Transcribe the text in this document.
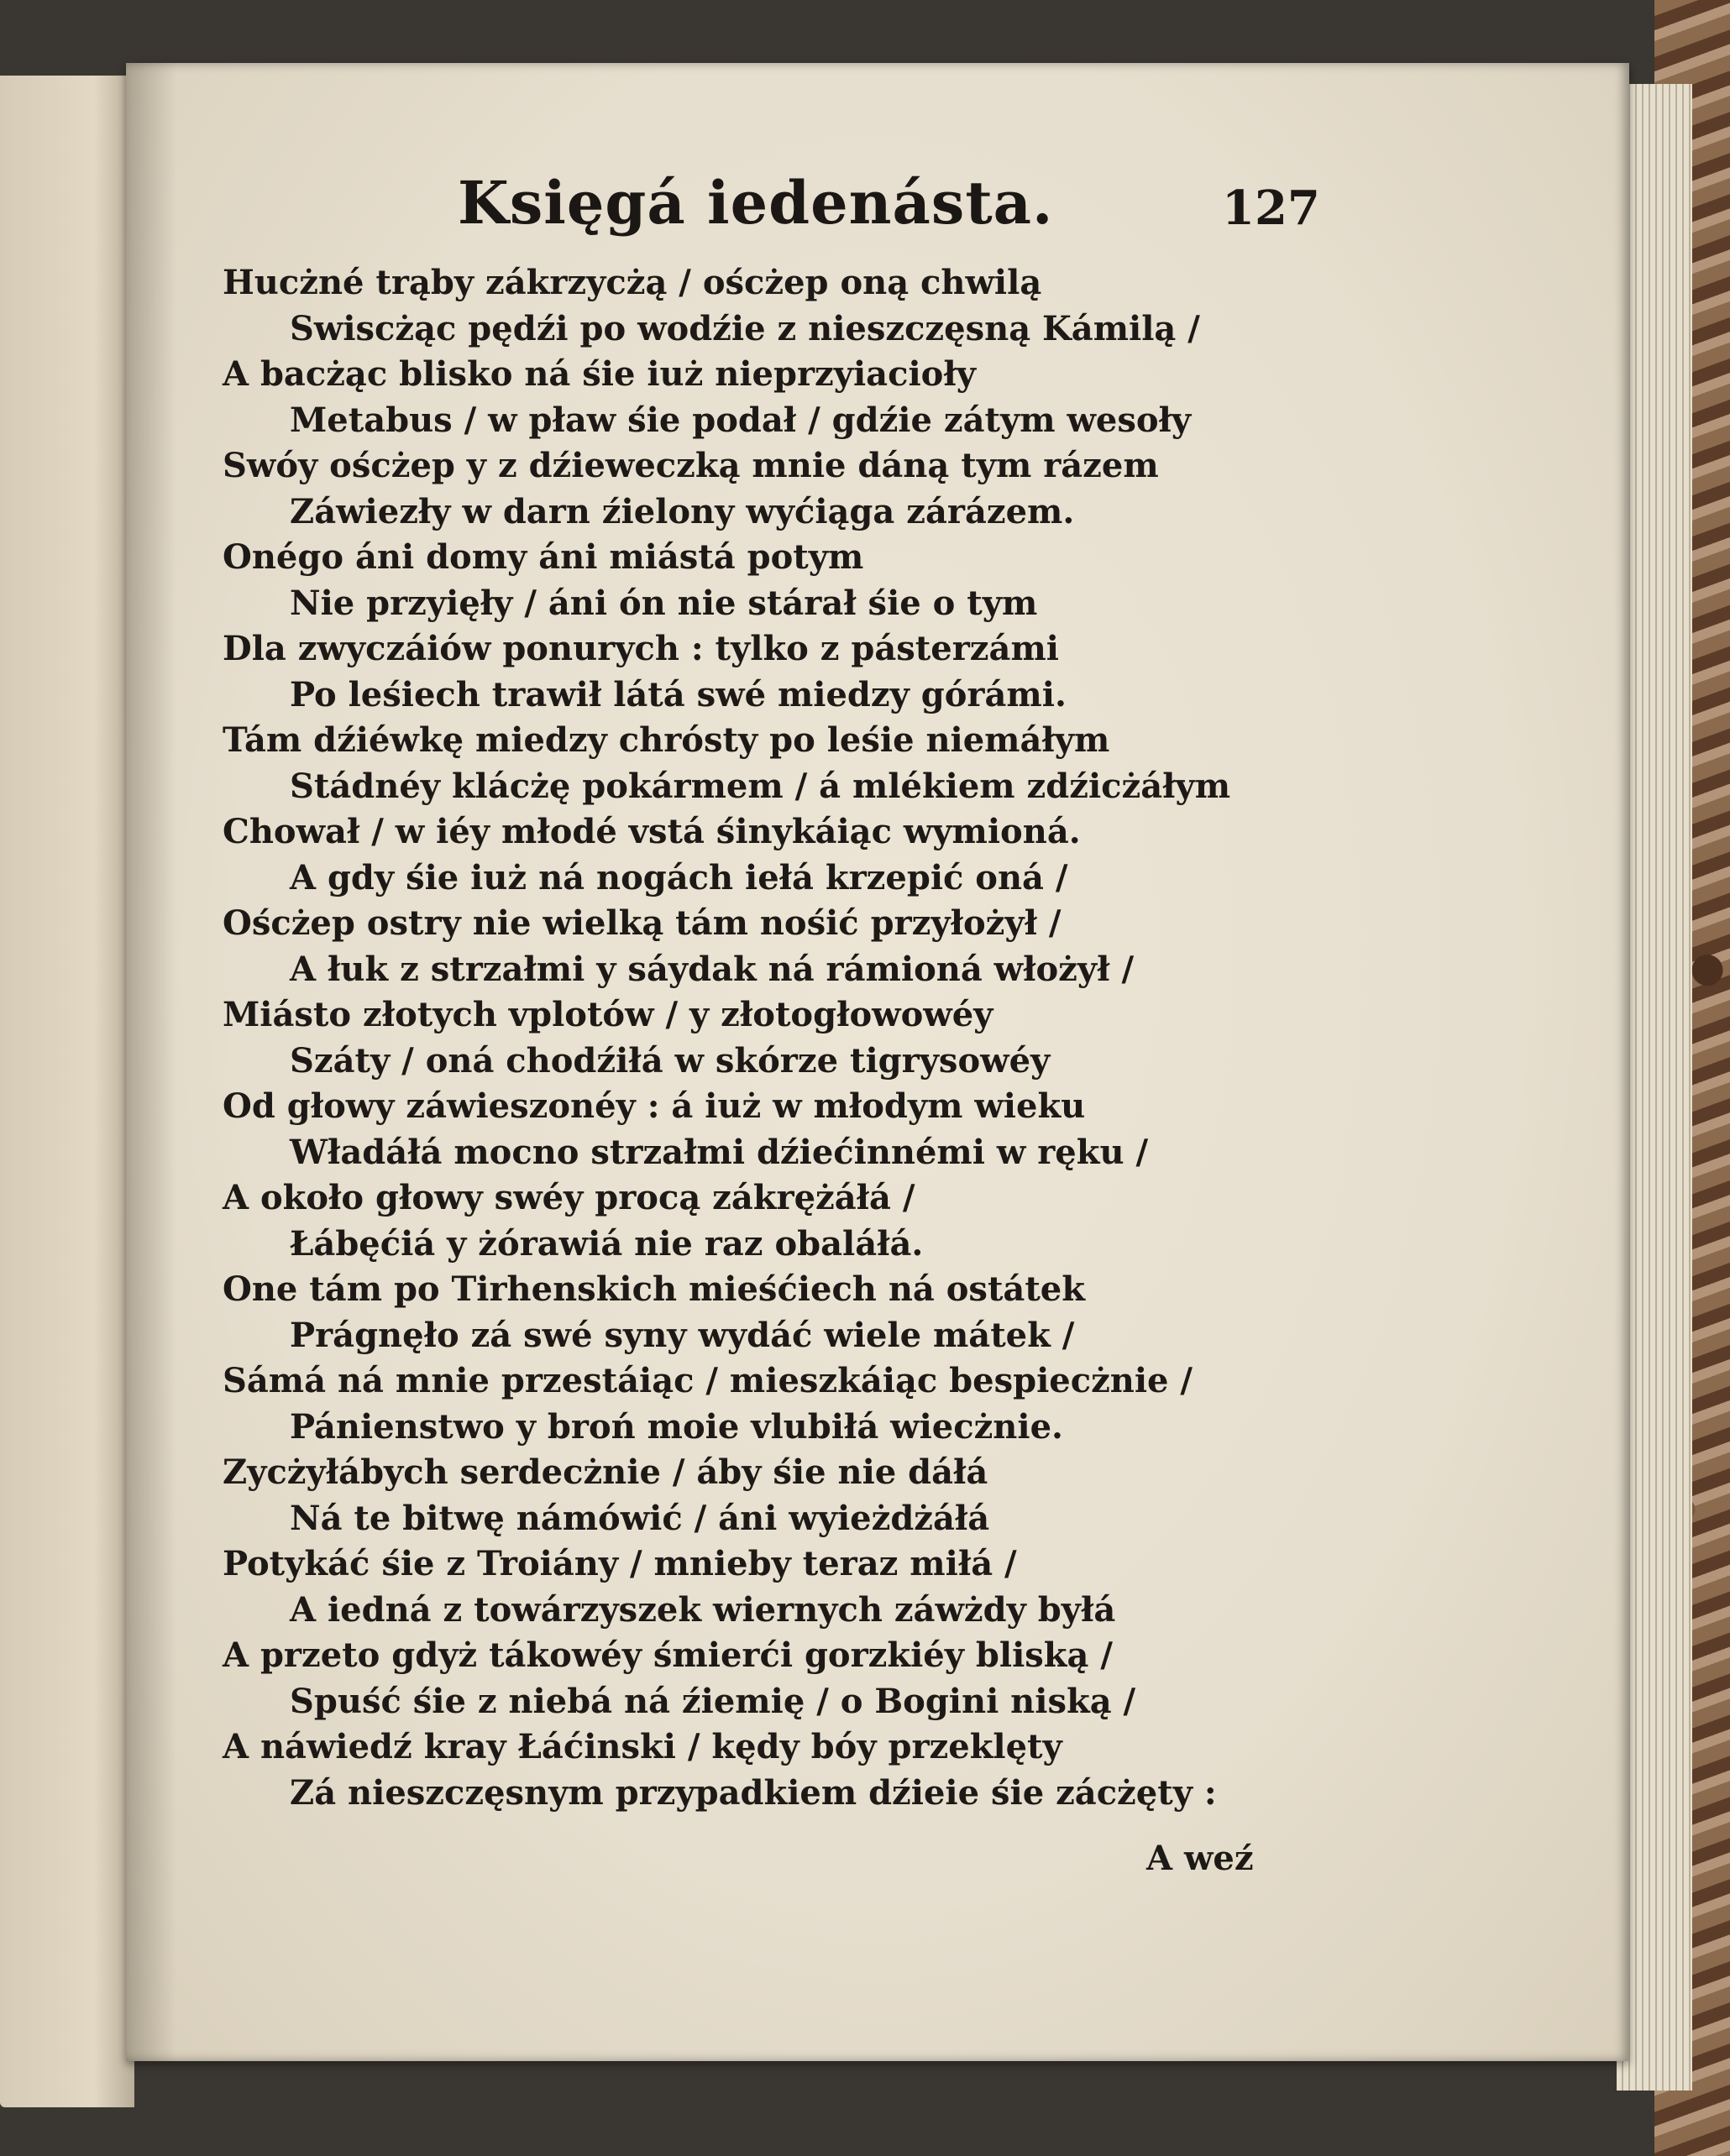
Księgá iedenásta.	127
Hucżné trąby zákrzycżą / oścżep oną chwilą
Swiscżąc pędźi po wodźie z nieszczęsną Kámilą /
A bacżąc blisko ná śie iuż nieprzyiacioły
Metabus / w pław śie podał / gdźie zátym wesoły
Swóy oścżep y z dźieweczką mnie dáną tym rázem
Záwiezły w darn źielony wyćiąga zárázem.
Onégo áni domy áni miástá potym
Nie przyięły / áni ón nie stárał śie o tym
Dla zwyczáiów ponurych : tylko z pásterzámi
Po leśiech trawił látá swé miedzy górámi.
Tám dźiéwkę miedzy chrósty po leśie niemáłym
Stádnéy klácżę pokármem / á mlékiem zdźicżáłym
Chował / w iéy młodé vstá śinykáiąc wymioná.
A gdy śie iuż ná nogách iełá krzepić oná /
Oścżep ostry nie wielką tám nośić przyłożył /
A łuk z strzałmi y sáydak ná rámioná włożył /
Miásto złotych vplotów / y złotogłowowéy
Száty / oná chodźiłá w skórze tigrysowéy
Od głowy záwieszonéy : á iuż w młodym wieku
Władáłá mocno strzałmi dźiećinnémi w ręku /
A około głowy swéy procą zákrężáłá /
Łábęćiá y żórawiá nie raz obaláłá.
One tám po Tirhenskich mieśćiech ná ostátek
Prágnęło zá swé syny wydáć wiele mátek /
Sámá ná mnie przestáiąc / mieszkáiąc bespiecżnie /
Pánienstwo y broń moie vlubiłá wiecżnie.
Zycżyłábych serdecżnie / áby śie nie dáłá
Ná te bitwę námówić / áni wyieżdżáłá
Potykáć śie z Troiány / mnieby teraz miłá /
A iedná z towárzyszek wiernych záwżdy byłá
A przeto gdyż tákowéy śmierći gorzkiéy bliską /
Spuść śie z niebá ná źiemię / o Bogini niską /
A náwiedź kray Łáćinski / kędy bóy przeklęty
Zá nieszczęsnym przypadkiem dźieie śie zácżęty :
A weź
